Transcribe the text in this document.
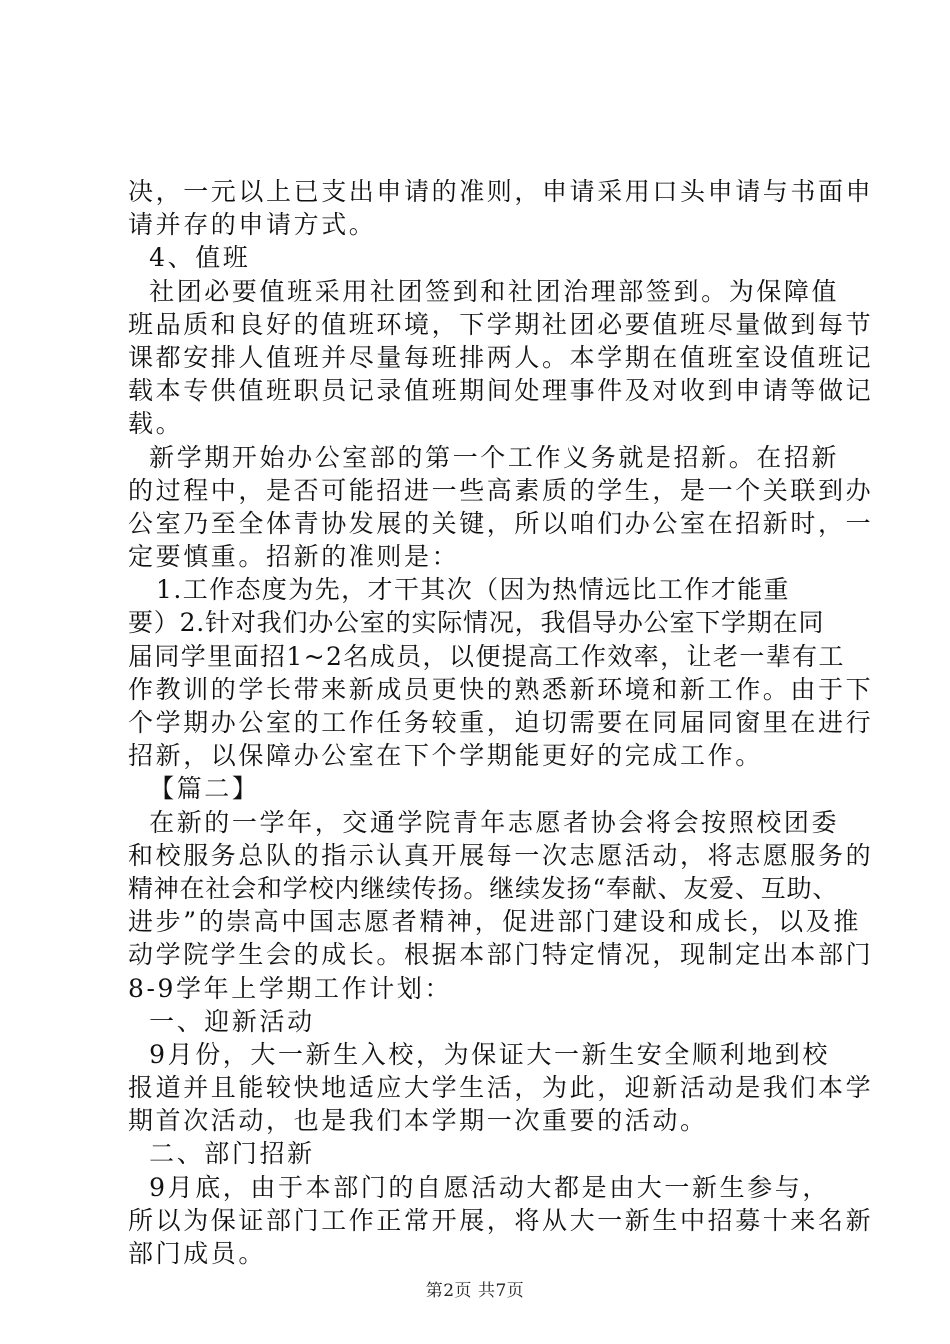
决，一元以上已支出申请的准则，申请采用口头申请与书面申
请并存的申请方式。
4、值班
社团必要值班采用社团签到和社团治理部签到。为保障值
班品质和良好的值班环境，下学期社团必要值班尽量做到每节
课都安排人值班并尽量每班排两人。本学期在值班室设值班记
载本专供值班职员记录值班期间处理事件及对收到申请等做记
载。
新学期开始办公室部的第一个工作义务就是招新。在招新
的过程中，是否可能招进一些高素质的学生，是一个关联到办
公室乃至全体青协发展的关键，所以咱们办公室在招新时，一
定要慎重。招新的准则是：
1.工作态度为先，才干其次（因为热情远比工作才能重
要）2.针对我们办公室的实际情况，我倡导办公室下学期在同
届同学里面招1~2名成员，以便提高工作效率，让老一辈有工
作教训的学长带来新成员更快的熟悉新环境和新工作。由于下
个学期办公室的工作任务较重，迫切需要在同届同窗里在进行
招新，以保障办公室在下个学期能更好的完成工作。
【篇二】
在新的一学年，交通学院青年志愿者协会将会按照校团委
和校服务总队的指示认真开展每一次志愿活动，将志愿服务的
精神在社会和学校内继续传扬。继续发扬“奉献、友爱、互助、
进步”的崇高中国志愿者精神，促进部门建设和成长，以及推
动学院学生会的成长。根据本部门特定情况，现制定出本部门
8-9学年上学期工作计划：
一、迎新活动
9月份，大一新生入校，为保证大一新生安全顺利地到校
报道并且能较快地适应大学生活，为此，迎新活动是我们本学
期首次活动，也是我们本学期一次重要的活动。
二、部门招新
9月底，由于本部门的自愿活动大都是由大一新生参与，
所以为保证部门工作正常开展，将从大一新生中招募十来名新
部门成员。
第2页 共7页
